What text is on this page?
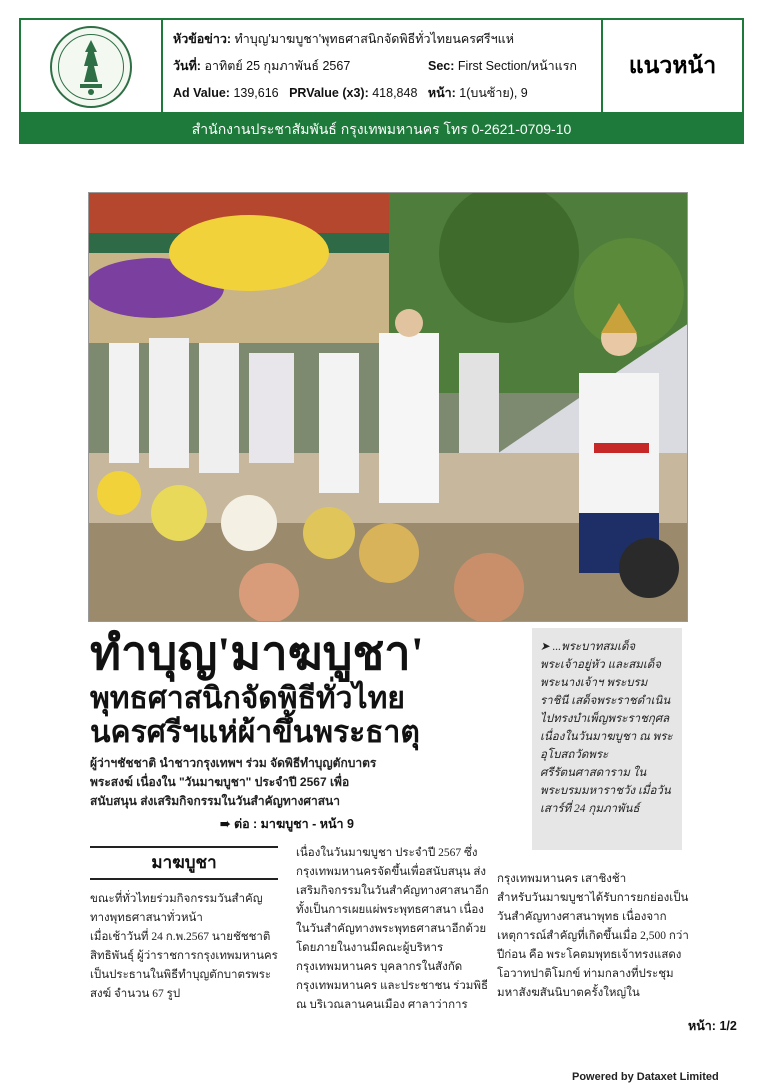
หัวข้อข่าว: ทำบุญ'มาฆบูชา'พุทธศาสนิกจัดพิธีทั่วไทยนครศรีฯแห่
วันที่: อาทิตย์ 25 กุมภาพันธ์ 2567	Sec: First Section/หน้าแรก
Ad Value: 139,616 PRValue (x3): 418,848 หน้า: 1(บนซ้าย), 9
แนวหน้า
สำนักงานประชาสัมพันธ์ กรุงเทพมหานคร โทร 0-2621-0709-10
ทำบุญ'มาฆบูชา'
พุทธศาสนิกจัดพิธีทั่วไทย
นครศรีฯแห่ผ้าขึ้นพระธาตุ
ผู้ว่าฯชัชชาติ นำชาวกรุงเทพฯ ร่วม จัดพิธีทำบุญตักบาตรพระสงฆ์ เนื่องใน "วันมาฆบูชา" ประจำปี 2567 เพื่อสนับสนุน ส่งเสริมกิจกรรมในวันสำคัญทางศาสนา
➠ ต่อ : มาฆบูชา - หน้า 9
➤ ...พระบาทสมเด็จพระเจ้าอยู่หัว และสมเด็จพระนางเจ้าฯ พระบรมราชินี เสด็จพระราชดำเนินไปทรงบำเพ็ญพระราชกุศล เนื่องในวันมาฆบูชา ณ พระอุโบสถวัดพระศรีรัตนศาสดาราม ในพระบรมมหาราชวัง เมื่อวันเสาร์ที่ 24 กุมภาพันธ์
มาฆบูชา
ขณะที่ทั่วไทยร่วมกิจกรรมวันสำคัญทางพุทธศาสนาทั่วหน้า
เมื่อเช้าวันที่ 24 ก.พ.2567 นายชัชชาติ สิทธิพันธุ์ ผู้ว่าราชการกรุงเทพมหานคร เป็นประธานในพิธีทำบุญตักบาตรพระสงฆ์ จำนวน 67 รูป
เนื่องในวันมาฆบูชา ประจำปี 2567 ซึ่งกรุงเทพมหานครจัดขึ้นเพื่อสนับสนุน ส่งเสริมกิจกรรมในวันสำคัญทางศาสนาอีกทั้งเป็นการเผยแผ่พระพุทธศาสนา เนื่องในวันสำคัญทางพระพุทธศาสนาอีกด้วย โดยภายในงานมีคณะผู้บริหารกรุงเทพมหานคร บุคลากรในสังกัดกรุงเทพมหานคร และประชาชน ร่วมพิธี ณ บริเวณลานคนเมือง ศาลาว่าการ
กรุงเทพมหานคร เสาชิงช้า
สำหรับวันมาฆบูชาได้รับการยกย่องเป็นวันสำคัญทางศาสนาพุทธ เนื่องจากเหตุการณ์สำคัญที่เกิดขึ้นเมื่อ 2,500 กว่าปีก่อน คือ พระโคตมพุทธเจ้าทรงแสดงโอวาทปาติโมกข์ ท่ามกลางที่ประชุมมหาสังฆสันนิบาตครั้งใหญ่ใน
หน้า: 1/2
Powered by Dataxet Limited
